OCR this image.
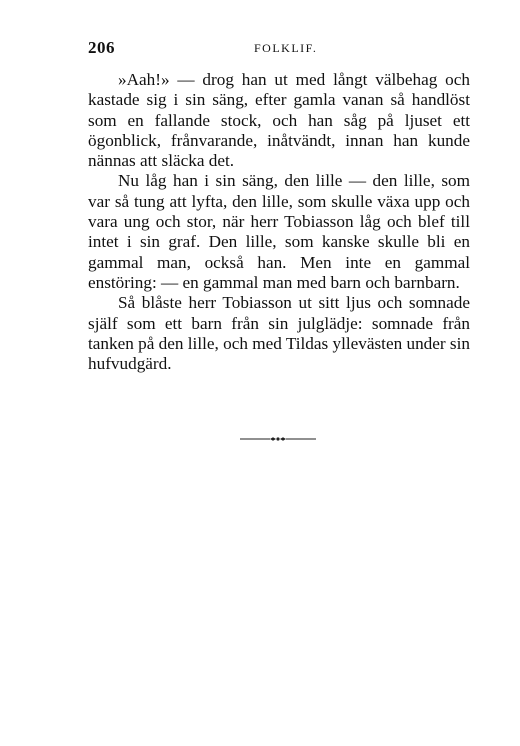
206	FOLKLIF.

»Aah!» — drog han ut med långt välbehag och kastade sig i sin säng, efter gamla vanan så handlöst som en fallande stock, och han såg på ljuset ett ögonblick, frånvarande, inåtvändt, innan han kunde nännas att släcka det.

Nu låg han i sin säng, den lille — den lille, som var så tung att lyfta, den lille, som skulle växa upp och vara ung och stor, när herr Tobiasson låg och blef till intet i sin graf. Den lille, som kanske skulle bli en gammal man, också han. Men inte en gammal enstöring: — en gammal man med barn och barnbarn.

Så blåste herr Tobiasson ut sitt ljus och somnade själf som ett barn från sin julglädje: somnade från tanken på den lille, och med Tildas yllevästen under sin hufvudgärd.
